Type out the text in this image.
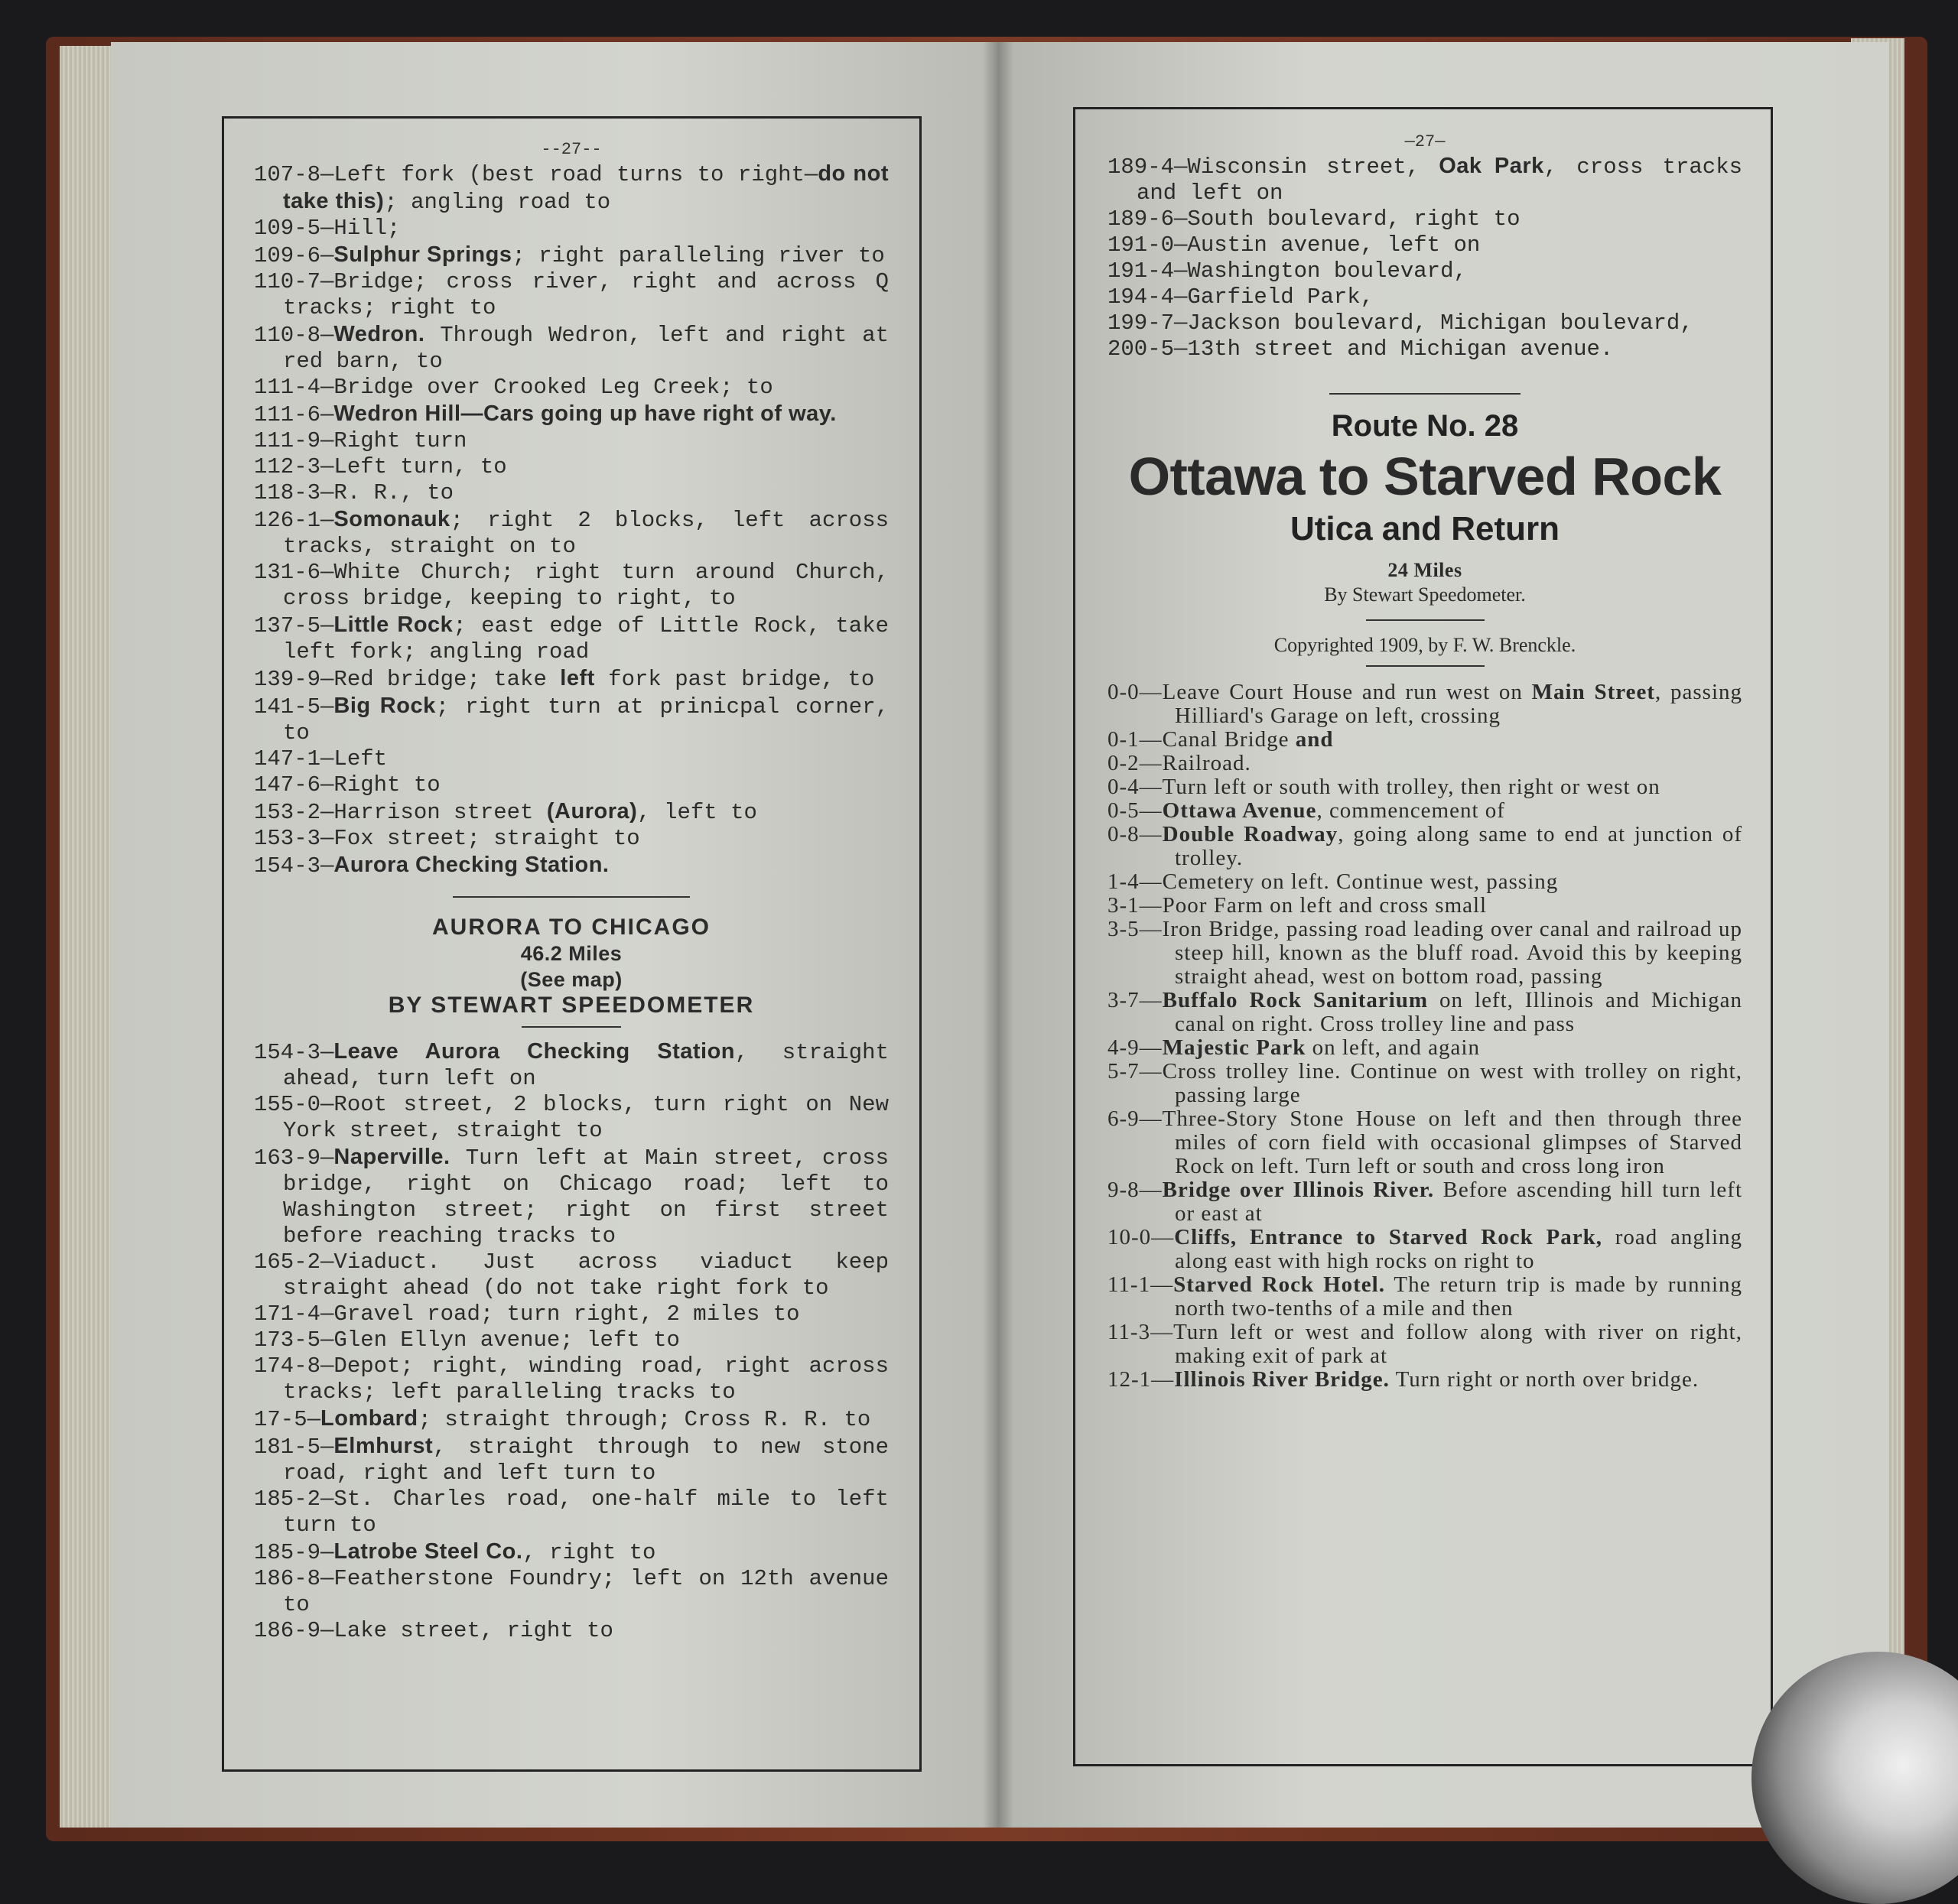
--27--
107-8—Left fork (best road turns to right—do not take this); angling road to
109-5—Hill;
109-6—Sulphur Springs; right paralleling river to
110-7—Bridge; cross river, right and across Q tracks; right to
110-8—Wedron. Through Wedron, left and right at red barn, to
111-4—Bridge over Crooked Leg Creek; to
111-6—Wedron Hill—Cars going up have right of way.
111-9—Right turn
112-3—Left turn, to
118-3—R. R., to
126-1—Somonauk; right 2 blocks, left across tracks, straight on to
131-6—White Church; right turn around Church, cross bridge, keeping to right, to
137-5—Little Rock; east edge of Little Rock, take left fork; angling road
139-9—Red bridge; take left fork past bridge, to
141-5—Big Rock; right turn at prinicpal corner, to
147-1—Left
147-6—Right to
153-2—Harrison street (Aurora), left to
153-3—Fox street; straight to
154-3—Aurora Checking Station.
AURORA TO CHICAGO
46.2 Miles
(See map)
BY STEWART SPEEDOMETER
154-3—Leave Aurora Checking Station, straight ahead, turn left on
155-0—Root street, 2 blocks, turn right on New York street, straight to
163-9—Naperville. Turn left at Main street, cross bridge, right on Chicago road; left to Washington street; right on first street before reaching tracks to
165-2—Viaduct. Just across viaduct keep straight ahead (do not take right fork to
171-4—Gravel road; turn right, 2 miles to
173-5—Glen Ellyn avenue; left to
174-8—Depot; right, winding road, right across tracks; left paralleling tracks to
17-5—Lombard; straight through; Cross R. R. to
181-5—Elmhurst, straight through to new stone road, right and left turn to
185-2—St. Charles road, one-half mile to left turn to
185-9—Latrobe Steel Co., right to
186-8—Featherstone Foundry; left on 12th avenue to
186-9—Lake street, right to
—27—
189-4—Wisconsin street, Oak Park, cross tracks and left on
189-6—South boulevard, right to
191-0—Austin avenue, left on
191-4—Washington boulevard,
194-4—Garfield Park,
199-7—Jackson boulevard, Michigan boulevard,
200-5—13th street and Michigan avenue.
Route No. 28
Ottawa to Starved Rock
Utica and Return
24 Miles
By Stewart Speedometer.
Copyrighted 1909, by F. W. Brenckle.
0-0—Leave Court House and run west on Main Street, passing Hilliard's Garage on left, crossing
0-1—Canal Bridge and
0-2—Railroad.
0-4—Turn left or south with trolley, then right or west on
0-5—Ottawa Avenue, commencement of
0-8—Double Roadway, going along same to end at junction of trolley.
1-4—Cemetery on left. Continue west, passing
3-1—Poor Farm on left and cross small
3-5—Iron Bridge, passing road leading over canal and railroad up steep hill, known as the bluff road. Avoid this by keeping straight ahead, west on bottom road, passing
3-7—Buffalo Rock Sanitarium on left, Illinois and Michigan canal on right. Cross trolley line and pass
4-9—Majestic Park on left, and again
5-7—Cross trolley line. Continue on west with trolley on right, passing large
6-9—Three-Story Stone House on left and then through three miles of corn field with occasional glimpses of Starved Rock on left. Turn left or south and cross long iron
9-8—Bridge over Illinois River. Before ascending hill turn left or east at
10-0—Cliffs, Entrance to Starved Rock Park, road angling along east with high rocks on right to
11-1—Starved Rock Hotel. The return trip is made by running north two-tenths of a mile and then
11-3—Turn left or west and follow along with river on right, making exit of park at
12-1—Illinois River Bridge. Turn right or north over bridge.
